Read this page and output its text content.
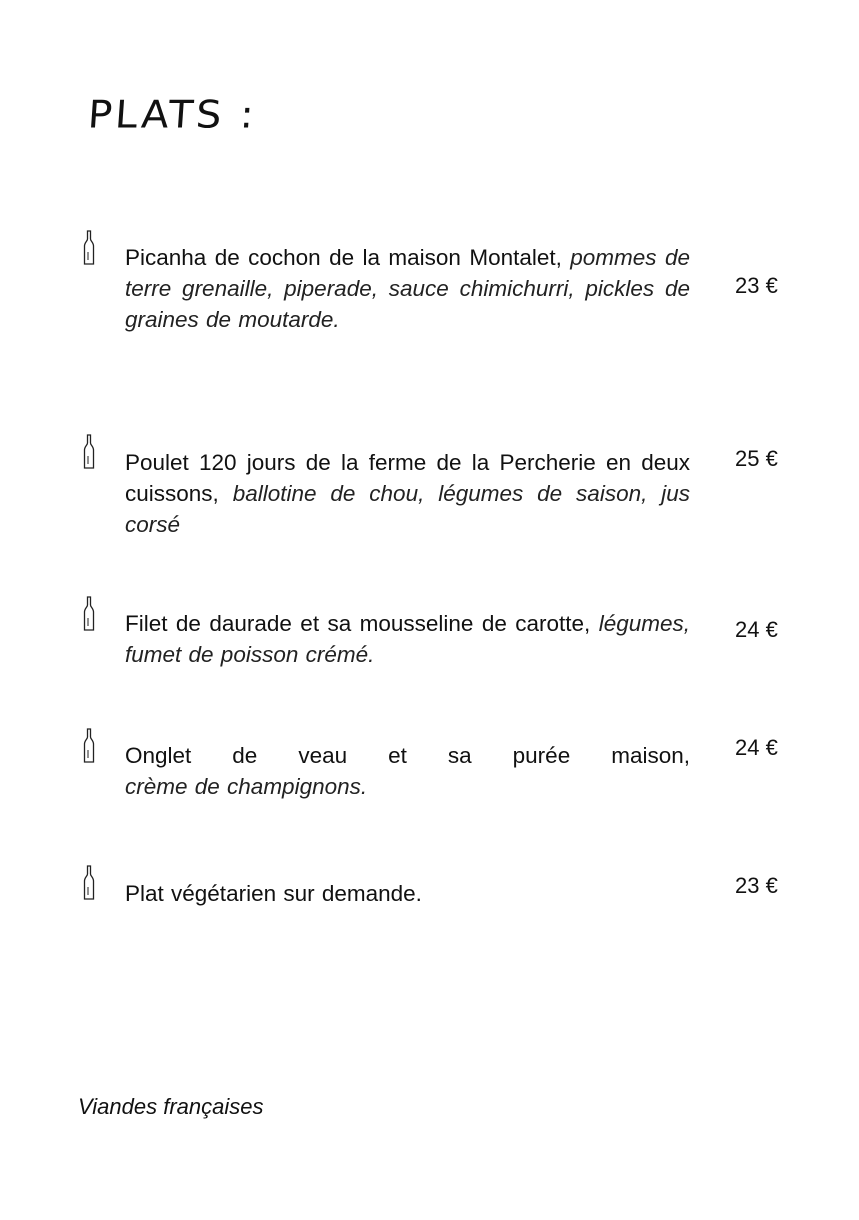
PLATS :
Picanha de cochon de la maison Montalet, pommes de terre grenaille, piperade, sauce chimichurri, pickles de graines de moutarde.
23 €
Poulet 120 jours de la ferme de la Percherie en deux cuissons, ballotine de chou, légumes de saison, jus corsé
25 €
Filet de daurade et sa mousseline de carotte, légumes, fumet de poisson crémé.
24 €
Onglet de veau et sa purée maison,
crème de champignons.
24 €
Plat végétarien sur demande.	23 €
Viandes françaises
